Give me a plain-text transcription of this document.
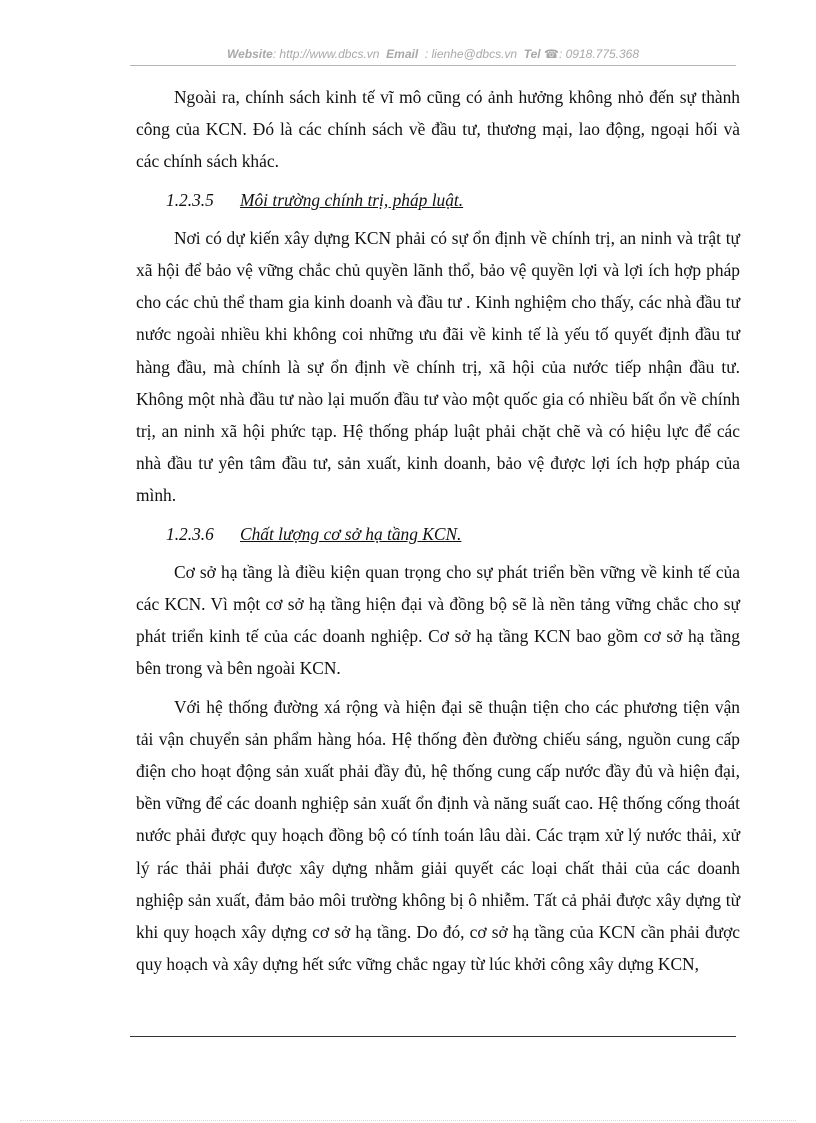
Website: http://www.dbcs.vn Email : lienhe@dbcs.vn Tel ☎: 0918.775.368

Ngoài ra, chính sách kinh tế vĩ mô cũng có ảnh hưởng không nhỏ đến sự thành công của KCN. Đó là các chính sách về đầu tư, thương mại, lao động, ngoại hối và các chính sách khác.

1.2.3.5 Môi trường chính trị, pháp luật.

Nơi có dự kiến xây dựng KCN phải có sự ổn định về chính trị, an ninh và trật tự xã hội để bảo vệ vững chắc chủ quyền lãnh thổ, bảo vệ quyền lợi và lợi ích hợp pháp cho các chủ thể tham gia kinh doanh và đầu tư . Kinh nghiệm cho thấy, các nhà đầu tư nước ngoài nhiều khi không coi những ưu đãi về kinh tế là yếu tố quyết định đầu tư hàng đầu, mà chính là sự ổn định về chính trị, xã hội của nước tiếp nhận đầu tư. Không một nhà đầu tư nào lại muốn đầu tư vào một quốc gia có nhiều bất ổn về chính trị, an ninh xã hội phức tạp. Hệ thống pháp luật phải chặt chẽ và có hiệu lực để các nhà đầu tư yên tâm đầu tư, sản xuất, kinh doanh, bảo vệ được lợi ích hợp pháp của mình.

1.2.3.6 Chất lượng cơ sở hạ tầng KCN.

Cơ sở hạ tầng là điều kiện quan trọng cho sự phát triển bền vững về kinh tế của các KCN. Vì một cơ sở hạ tầng hiện đại và đồng bộ sẽ là nền tảng vững chắc cho sự phát triển kinh tế của các doanh nghiệp. Cơ sở hạ tầng KCN bao gồm cơ sở hạ tầng bên trong và bên ngoài KCN.

Với hệ thống đường xá rộng và hiện đại sẽ thuận tiện cho các phương tiện vận tải vận chuyển sản phẩm hàng hóa. Hệ thống đèn đường chiếu sáng, nguồn cung cấp điện cho hoạt động sản xuất phải đầy đủ, hệ thống cung cấp nước đầy đủ và hiện đại, bền vững để các doanh nghiệp sản xuất ổn định và năng suất cao. Hệ thống cống thoát nước phải được quy hoạch đồng bộ có tính toán lâu dài. Các trạm xử lý nước thải, xử lý rác thải phải được xây dựng nhằm giải quyết các loại chất thải của các doanh nghiệp sản xuất, đảm bảo môi trường không bị ô nhiễm. Tất cả phải được xây dựng từ khi quy hoạch xây dựng cơ sở hạ tầng. Do đó, cơ sở hạ tầng của KCN cần phải được quy hoạch và xây dựng hết sức vững chắc ngay từ lúc khởi công xây dựng KCN,
